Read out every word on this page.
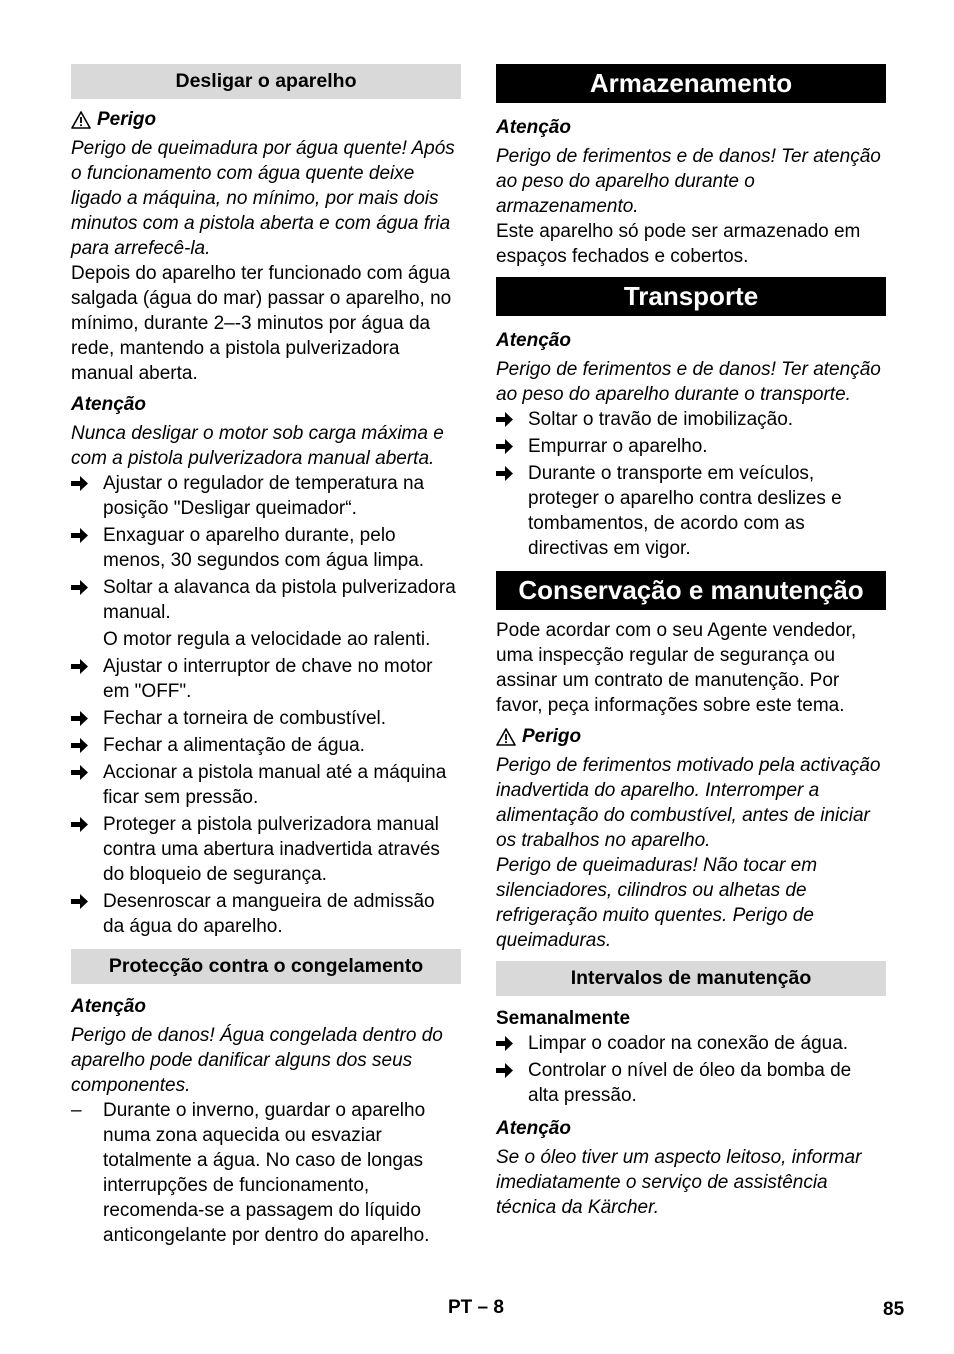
Desligar o aparelho
Perigo
Perigo de queimadura por água quente! Após o funcionamento com água quente deixe ligado a máquina, no mínimo, por mais dois minutos com a pistola aberta e com água fria para arrefecê-la.
Depois do aparelho ter funcionado com água salgada (água do mar) passar o aparelho, no mínimo, durante 2–-3 minutos por água da rede, mantendo a pistola pulverizadora manual aberta.
Atenção
Nunca desligar o motor sob carga máxima e com a pistola pulverizadora manual aberta.
Ajustar o regulador de temperatura na posição "Desligar queimador“.
Enxaguar o aparelho durante, pelo menos, 30 segundos com água limpa.
Soltar a alavanca da pistola pulverizadora manual.
O motor regula a velocidade ao ralenti.
Ajustar o interruptor de chave no motor em "OFF".
Fechar a torneira de combustível.
Fechar a alimentação de água.
Accionar a pistola manual até a máquina ficar sem pressão.
Proteger a pistola pulverizadora manual contra uma abertura inadvertida através do bloqueio de segurança.
Desenroscar a mangueira de admissão da água do aparelho.
Protecção contra o congelamento
Atenção
Perigo de danos! Água congelada dentro do aparelho pode danificar alguns dos seus componentes.
– Durante o inverno, guardar o aparelho numa zona aquecida ou esvaziar totalmente a água. No caso de longas interrupções de funcionamento, recomenda-se a passagem do líquido anticongelante por dentro do aparelho.
Armazenamento
Atenção
Perigo de ferimentos e de danos! Ter atenção ao peso do aparelho durante o armazenamento.
Este aparelho só pode ser armazenado em espaços fechados e cobertos.
Transporte
Atenção
Perigo de ferimentos e de danos! Ter atenção ao peso do aparelho durante o transporte.
Soltar o travão de imobilização.
Empurrar o aparelho.
Durante o transporte em veículos, proteger o aparelho contra deslizes e tombamentos, de acordo com as directivas em vigor.
Conservação e manutenção
Pode acordar com o seu Agente vendedor, uma inspecção regular de segurança ou assinar um contrato de manutenção. Por favor, peça informações sobre este tema.
Perigo
Perigo de ferimentos motivado pela activação inadvertida do aparelho. Interromper a alimentação do combustível, antes de iniciar os trabalhos no aparelho.
Perigo de queimaduras! Não tocar em silenciadores, cilindros ou alhetas de refrigeração muito quentes. Perigo de queimaduras.
Intervalos de manutenção
Semanalmente
Limpar o coador na conexão de água.
Controlar o nível de óleo da bomba de alta pressão.
Atenção
Se o óleo tiver um aspecto leitoso, informar imediatamente o serviço de assistência técnica da Kärcher.
PT – 8	85
